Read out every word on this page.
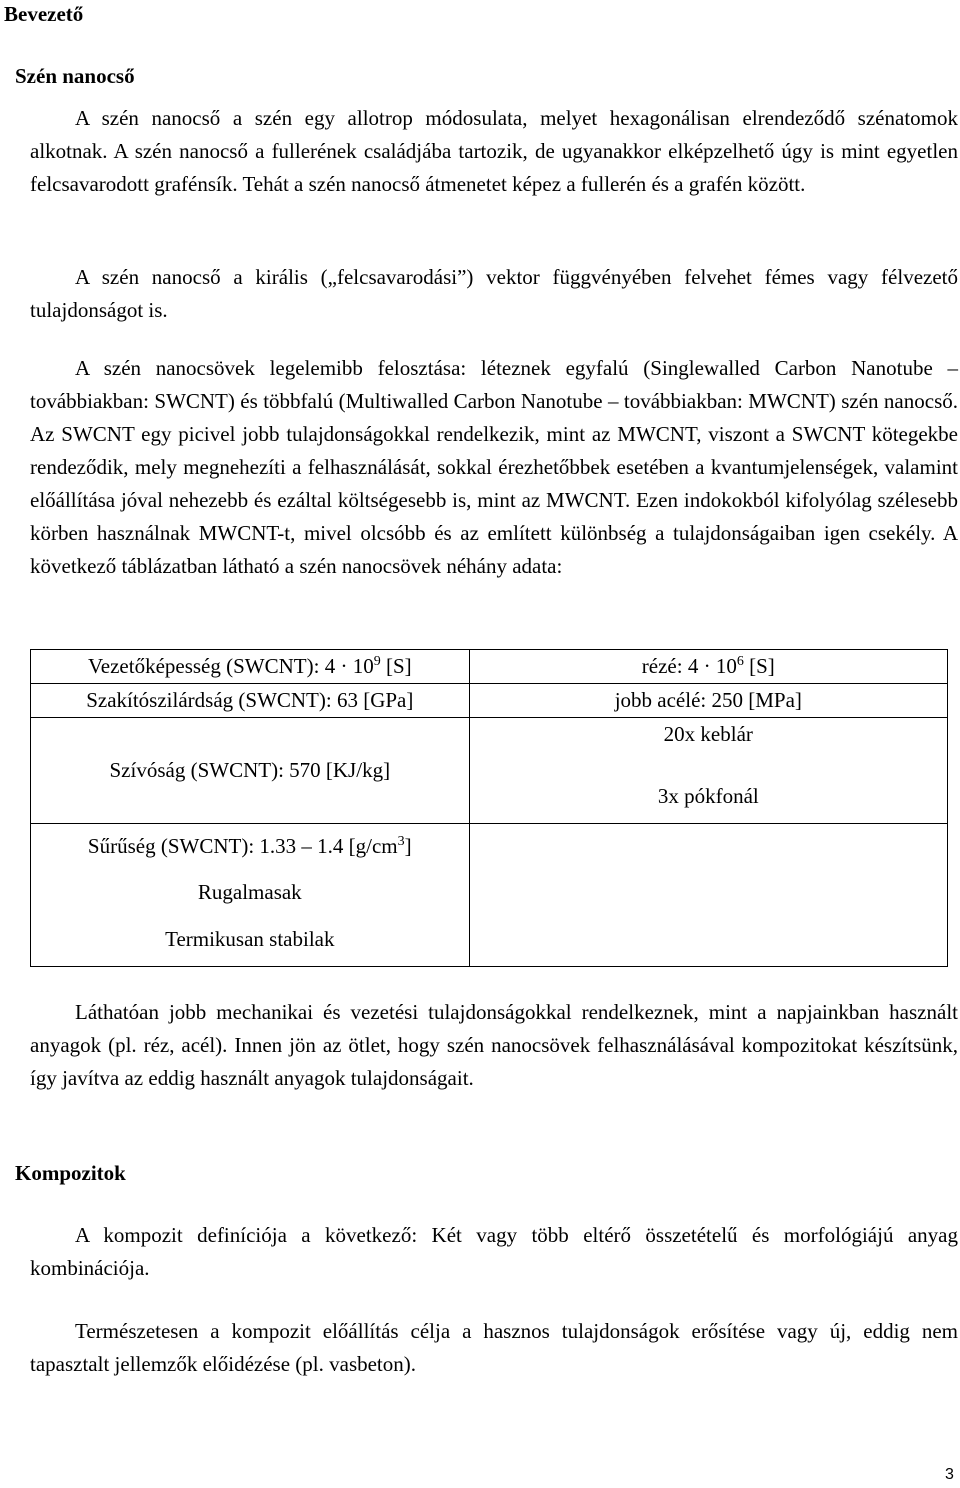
Bevezető
Szén nanocső

A szén nanocső a szén egy allotrop módosulata, melyet hexagonálisan elrendeződő szénatomok alkotnak. A szén nanocső a fullerének családjába tartozik, de ugyanakkor elképzelhető úgy is mint egyetlen felcsavarodott grafénsík. Tehát a szén nanocső átmenetet képez a fullerén és a grafén között.

A szén nanocső a királis („felcsavarodási”) vektor függvényében felvehet fémes vagy félvezető tulajdonságot is.

A szén nanocsövek legelemibb felosztása: léteznek egyfalú (Singlewalled Carbon Nanotube – továbbiakban: SWCNT) és többfalú (Multiwalled Carbon Nanotube – továbbiakban: MWCNT) szén nanocső. Az SWCNT egy picivel jobb tulajdonságokkal rendelkezik, mint az MWCNT, viszont a SWCNT kötegekbe rendeződik, mely megnehezíti a felhasználását, sokkal érezhetőbbek esetében a kvantumjelenségek, valamint előállítása jóval nehezebb és ezáltal költségesebb is, mint az MWCNT. Ezen indokokból kifolyólag szélesebb körben használnak MWCNT-t, mivel olcsóbb és az említett különbség a tulajdonságaiban igen csekély. A következő táblázatban látható a szén nanocsövek néhány adata:

Vezetőképesség (SWCNT): $4 \cdot 10^9$ [S]	rézé: $4 \cdot 10^6$ [S]

Szakítószilárdság (SWCNT): 63 [GPa]	jobb acélé: 250 [MPa]

Szívóság (SWCNT): 570 [KJ/kg]	20x keblár
3x pókfonál

Sűrűség (SWCNT): 1.33 – 1.4 $[g/cm^3]$
Rugalmasak
Termikusan stabilak	

Láthatóan jobb mechanikai és vezetési tulajdonságokkal rendelkeznek, mint a napjainkban használt anyagok (pl. réz, acél). Innen jön az ötlet, hogy szén nanocsövek felhasználásával kompozitokat készítsünk, így javítva az eddig használt anyagok tulajdonságait.

Kompozitok

A kompozit definíciója a következő: Két vagy több eltérő összetételű és morfológiájú anyag kombinációja.

Természetesen a kompozit előállítás célja a hasznos tulajdonságok erősítése vagy új, eddig nem tapasztalt jellemzők előidézése (pl. vasbeton).

3
